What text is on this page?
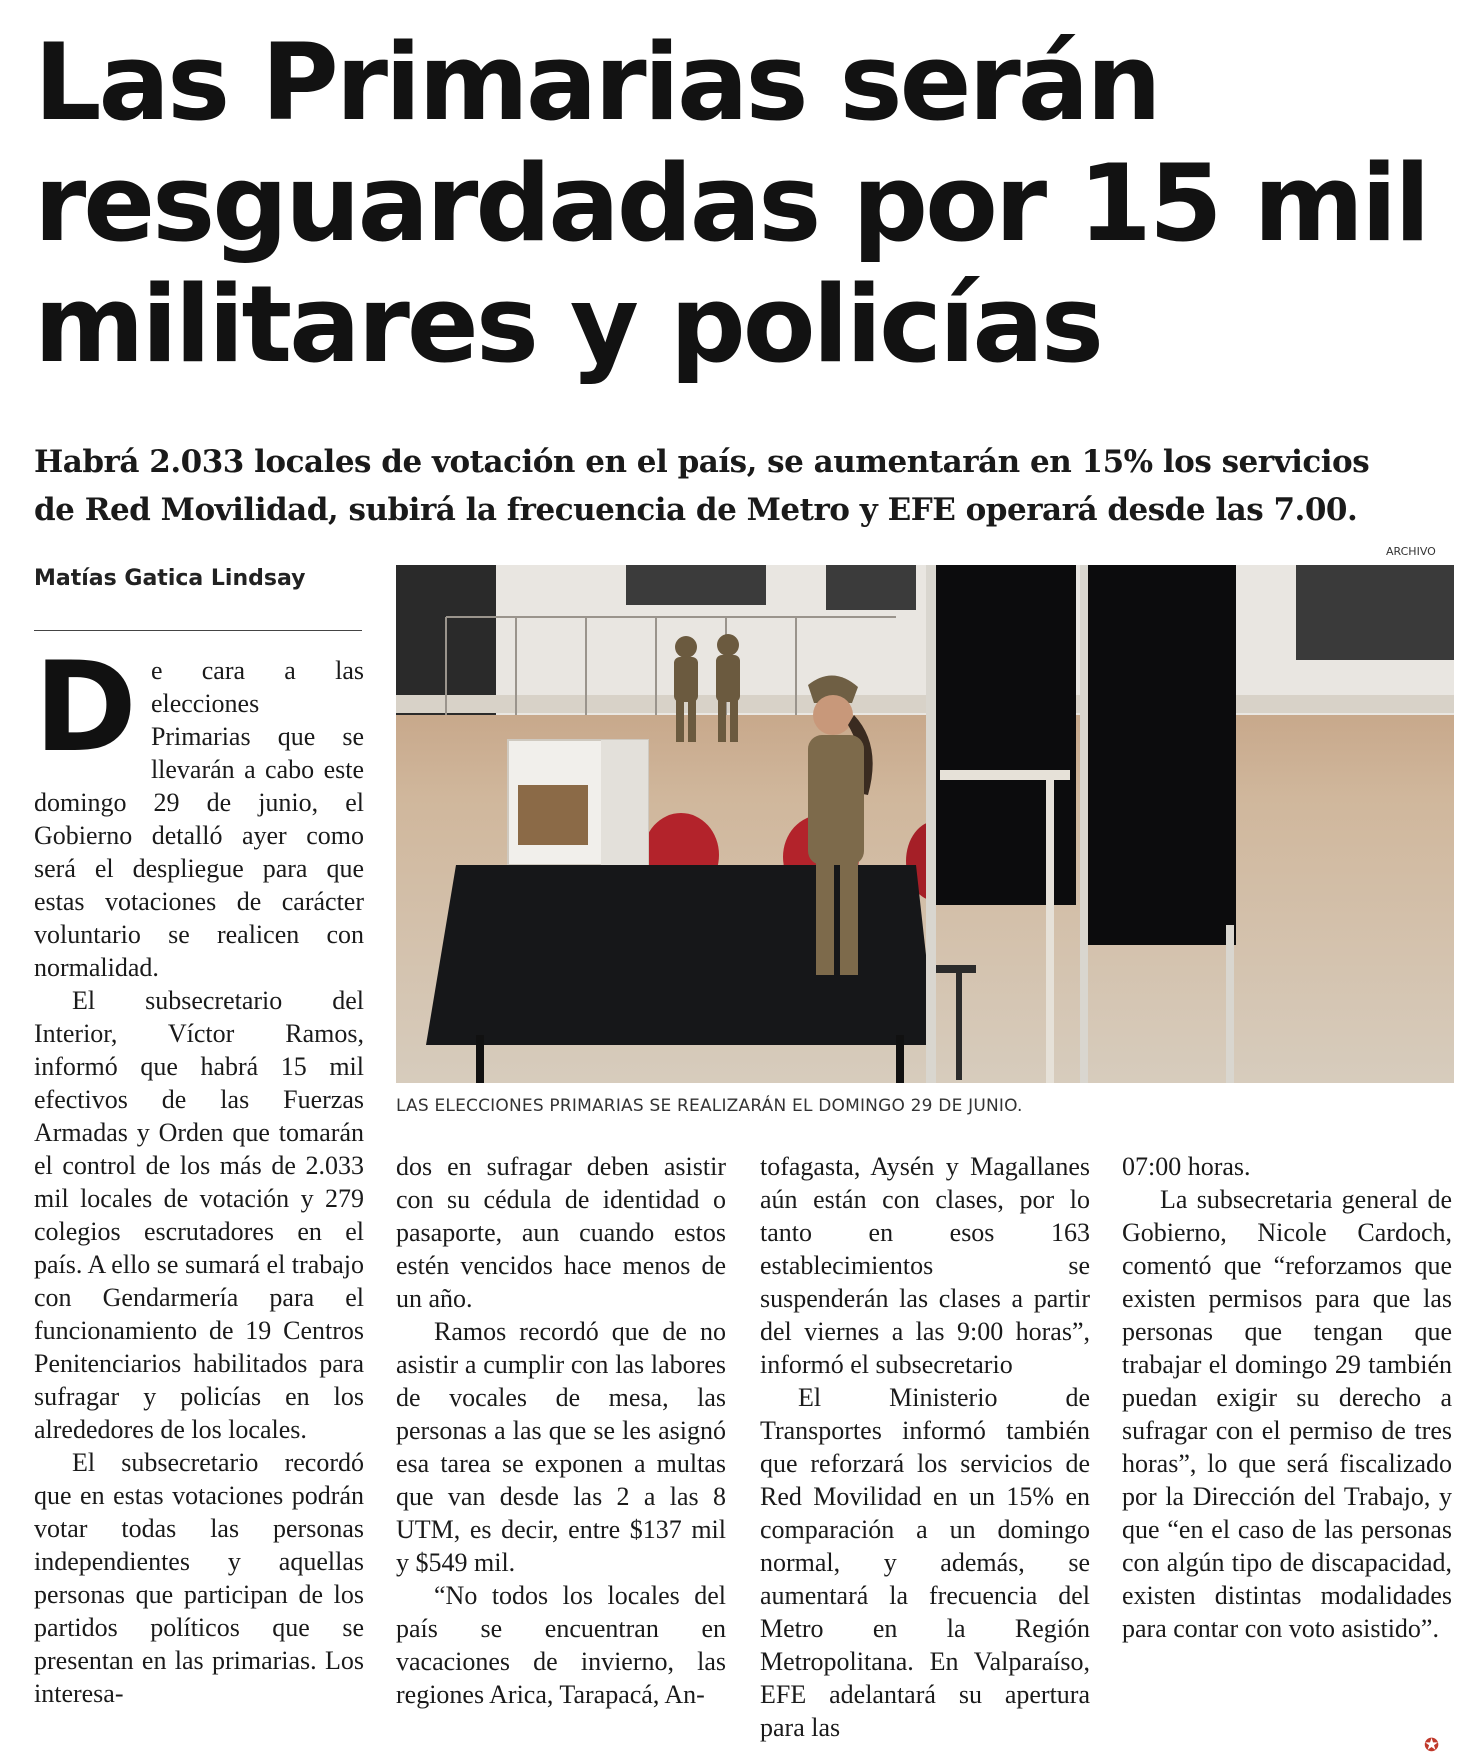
Las Primarias serán
resguardadas por 15 mil
militares y policías
Habrá 2.033 locales de votación en el país, se aumentarán en 15% los servicios
de Red Movilidad, subirá la frecuencia de Metro y EFE operará desde las 7.00.
Matías Gatica Lindsay
ARCHIVO
LAS ELECCIONES PRIMARIAS SE REALIZARÁN EL DOMINGO 29 DE JUNIO.
D e cara a las elecciones Primarias que se llevarán a cabo este domingo 29 de junio, el Gobierno detalló ayer como será el despliegue para que estas votaciones de carácter voluntario se realicen con normalidad.

El subsecretario del Interior, Víctor Ramos, informó que habrá 15 mil efectivos de las Fuerzas Armadas y Orden que tomarán el control de los más de 2.033 mil locales de votación y 279 colegios escrutadores en el país. A ello se sumará el trabajo con Gendarmería para el funcionamiento de 19 Centros Penitenciarios habilitados para sufragar y policías en los alrededores de los locales.

El subsecretario recordó que en estas votaciones podrán votar todas las personas independientes y aquellas personas que participan de los partidos políticos que se presentan en las primarias. Los interesa-

dos en sufragar deben asistir con su cédula de identidad o pasaporte, aun cuando estos estén vencidos hace menos de un año.

Ramos recordó que de no asistir a cumplir con las labores de vocales de mesa, las personas a las que se les asignó esa tarea se exponen a multas que van desde las 2 a las 8 UTM, es decir, entre $137 mil y $549 mil.

“No todos los locales del país se encuentran en vacaciones de invierno, las regiones Arica, Tarapacá, An-

tofagasta, Aysén y Magallanes aún están con clases, por lo tanto en esos 163 establecimientos se suspenderán las clases a partir del viernes a las 9:00 horas”, informó el subsecretario

El Ministerio de Transportes informó también que reforzará los servicios de Red Movilidad en un 15% en comparación a un domingo normal, y además, se aumentará la frecuencia del Metro en la Región Metropolitana. En Valparaíso, EFE adelantará su apertura para las

07:00 horas.

La subsecretaria general de Gobierno, Nicole Cardoch, comentó que “reforzamos que existen permisos para que las personas que tengan que trabajar el domingo 29 también puedan exigir su derecho a sufragar con el permiso de tres horas”, lo que será fiscalizado por la Dirección del Trabajo, y que “en el caso de las personas con algún tipo de discapacidad, existen distintas modalidades para contar con voto asistido”.

✪
